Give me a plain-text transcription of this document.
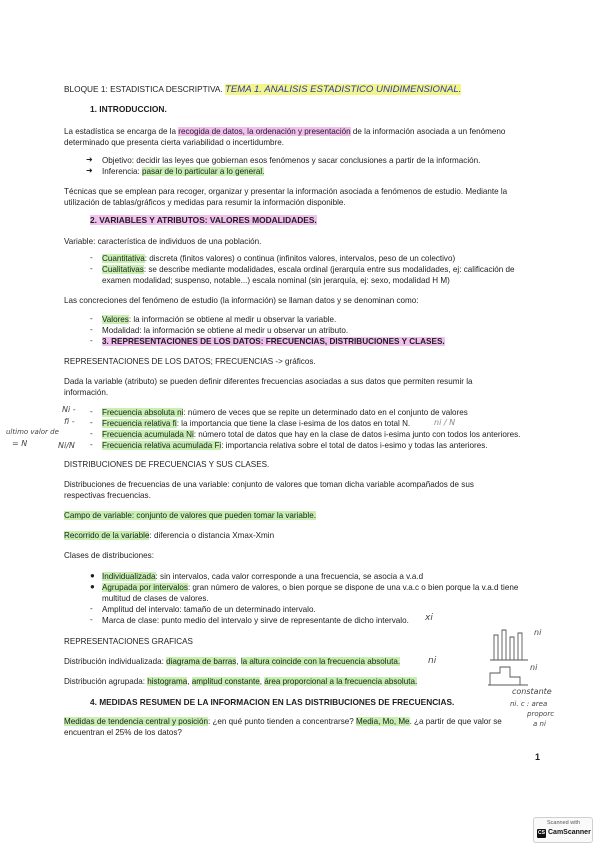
BLOQUE 1: ESTADISTICA DESCRIPTIVA. TEMA 1. ANALISIS ESTADISTICO UNIDIMENSIONAL.
1. INTRODUCCION.
La estadística se encarga de la recogida de datos, la ordenación y presentación de la información asociada a un fenómeno
determinado que presenta cierta variabilidad o incertidumbre.
➜ Objetivo: decidir las leyes que gobiernan esos fenómenos y sacar conclusiones a partir de la información.
➜ Inferencia: pasar de lo particular a lo general.
Técnicas que se emplean para recoger, organizar y presentar la información asociada a fenómenos de estudio. Mediante la
utilización de tablas/gráficos y medidas para resumir la información disponible.
2. VARIABLES Y ATRIBUTOS: VALORES MODALIDADES.
Variable: característica de individuos de una población.
- Cuantitativa: discreta (finitos valores) o continua (infinitos valores, intervalos, peso de un colectivo)
- Cualitativas: se describe mediante modalidades, escala ordinal (jerarquía entre sus modalidades, ej: calificación de
examen modalidad; suspenso, notable...) escala nominal (sin jerarquía, ej: sexo, modalidad H M)
Las concreciones del fenómeno de estudio (la información) se llaman datos y se denominan como:
- Valores: la información se obtiene al medir u observar la variable.
- Modalidad: la información se obtiene al medir u observar un atributo.
- 3. REPRESENTACIONES DE LOS DATOS: FRECUENCIAS, DISTRIBUCIONES Y CLASES.
REPRESENTACIONES DE LOS DATOS; FRECUENCIAS -> gráficos.
Dada la variable (atributo) se pueden definir diferentes frecuencias asociadas a sus datos que permiten resumir la
información.
- Frecuencia absoluta ni: número de veces que se repite un determinado dato en el conjunto de valores
- Frecuencia relativa fi: la importancia que tiene la clase i-esima de los datos en total N.
- Frecuencia acumulada Ni: número total de datos que hay en la clase de datos i-esima junto con todos los anteriores.
- Frecuencia relativa acumulada Fi: importancia relativa sobre el total de datos i-esimo y todas las anteriores.
DISTRIBUCIONES DE FRECUENCIAS Y SUS CLASES.
Distribuciones de frecuencias de una variable: conjunto de valores que toman dicha variable acompañados de sus
respectivas frecuencias.
Campo de variable: conjunto de valores que pueden tomar la variable.
Recorrido de la variable: diferencia o distancia Xmax-Xmin
Clases de distribuciones:
● Individualizada: sin intervalos, cada valor corresponde a una frecuencia, se asocia a v.a.d
● Agrupada por intervalos: gran número de valores, o bien porque se dispone de una v.a.c o bien porque la v.a.d tiene
multitud de clases de valores.
- Amplitud del intervalo: tamaño de un determinado intervalo.
- Marca de clase: punto medio del intervalo y sirve de representante de dicho intervalo.
REPRESENTACIONES GRAFICAS
Distribución individualizada: diagrama de barras, la altura coincide con la frecuencia absoluta.
Distribución agrupada: histograma, amplitud constante, área proporcional a la frecuencia absoluta.
4. MEDIDAS RESUMEN DE LA INFORMACION EN LAS DISTRIBUCIONES DE FRECUENCIAS.
Medidas de tendencia central y posición: ¿en qué punto tienden a concentrarse? Media, Mo, Me. ¿a partir de que valor se
encuentran el 25% de los datos?
Ni -
fi -
ultimo valor de
= N	Ni/N
ni / N
xi
ni
ni
ni
constante
ni. c : area
proporc
a ni
1
Scanned with
CS CamScanner
